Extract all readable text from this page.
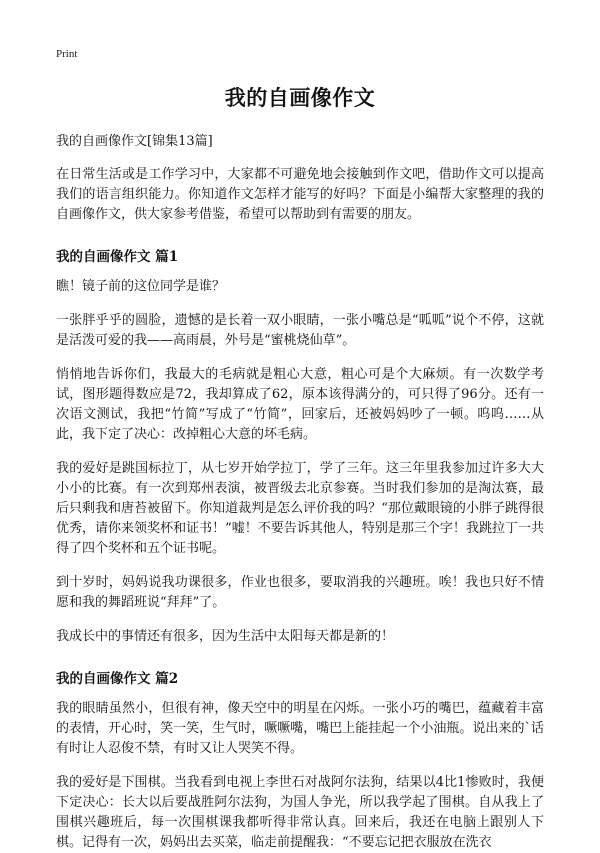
Print
我的自画像作文
我的自画像作文[锦集13篇]

在日常生活或是工作学习中，大家都不可避免地会接触到作文吧，借助作文可以提高我们的语言组织能力。你知道作文怎样才能写的好吗？下面是小编帮大家整理的我的自画像作文，供大家参考借鉴，希望可以帮助到有需要的朋友。

我的自画像作文 篇1

瞧！镜子前的这位同学是谁？

一张胖乎乎的圆脸，遗憾的是长着一双小眼睛，一张小嘴总是“呱呱”说个不停，这就是活泼可爱的我——高雨晨，外号是“蜜桃烧仙草”。

悄悄地告诉你们，我最大的毛病就是粗心大意，粗心可是个大麻烦。有一次数学考试，图形题得数应是72，我却算成了62，原本该得满分的，可只得了96分。还有一次语文测试，我把“竹简”写成了“竹简”，回家后，还被妈妈吵了一顿。呜呜……从此，我下定了决心：改掉粗心大意的坏毛病。

我的爱好是跳国标拉丁，从七岁开始学拉丁，学了三年。这三年里我参加过许多大大小小的比赛。有一次到郑州表演，被晋级去北京参赛。当时我们参加的是淘汰赛，最后只剩我和唐苔被留下。你知道裁判是怎么评价我的吗？“那位戴眼镜的小胖子跳得很优秀，请你来领奖杯和证书！”嘘！不要告诉其他人，特别是那三个字！我跳拉丁一共得了四个奖杯和五个证书呢。

到十岁时，妈妈说我功课很多，作业也很多，要取消我的兴趣班。唉！我也只好不情愿和我的舞蹈班说“拜拜”了。

我成长中的事情还有很多，因为生活中太阳每天都是新的！

我的自画像作文 篇2

我的眼睛虽然小，但很有神，像天空中的明星在闪烁。一张小巧的嘴巴，蕴藏着丰富的表情，开心时，笑一笑，生气时，噘噘嘴，嘴巴上能挂起一个小油瓶。说出来的`话有时让人忍俊不禁，有时又让人哭笑不得。

我的爱好是下围棋。当我看到电视上李世石对战阿尔法狗，结果以4比1惨败时，我便下定决心：长大以后要战胜阿尔法狗，为国人争光，所以我学起了围棋。自从我上了围棋兴趣班后，每一次围棋课我都听得非常认真。回来后，我还在电脑上跟别人下棋。记得有一次，妈妈出去买菜，临走前提醒我：“不要忘记把衣服放在洗衣
